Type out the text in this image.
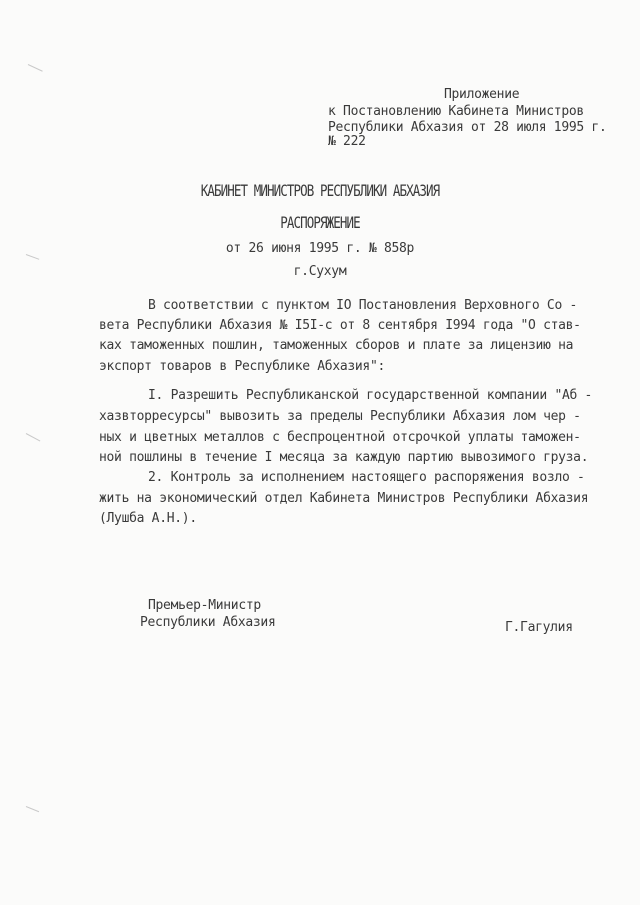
Приложение
к Постановлению Кабинета Министров
Республики Абхазия от 28 июля 1995 г.
№ 222
КАБИНЕТ МИНИСТРОВ РЕСПУБЛИКИ АБХАЗИЯ
РАСПОРЯЖЕНИЕ
от 26 июня 1995 г. № 858р
г.Сухум
В соответствии с пунктом IO Постановления Верховного Со -
вета Республики Абхазия № I5I-с от 8 сентября I994 года "О став-
ках таможенных пошлин, таможенных сборов и плате за лицензию на
экспорт товаров в Республике Абхазия":
I. Разрешить Республиканской государственной компании "Аб -
хазвторресурсы" вывозить за пределы Республики Абхазия лом чер -
ных и цветных металлов с беспроцентной отсрочкой уплаты таможен-
ной пошлины в течение I месяца за каждую партию вывозимого груза.
2. Контроль за исполнением настоящего распоряжения возло -
жить на экономический отдел Кабинета Министров Республики Абхазия
(Лушба А.Н.).
Премьер-Министр
Республики Абхазия	Г.Гагулия
